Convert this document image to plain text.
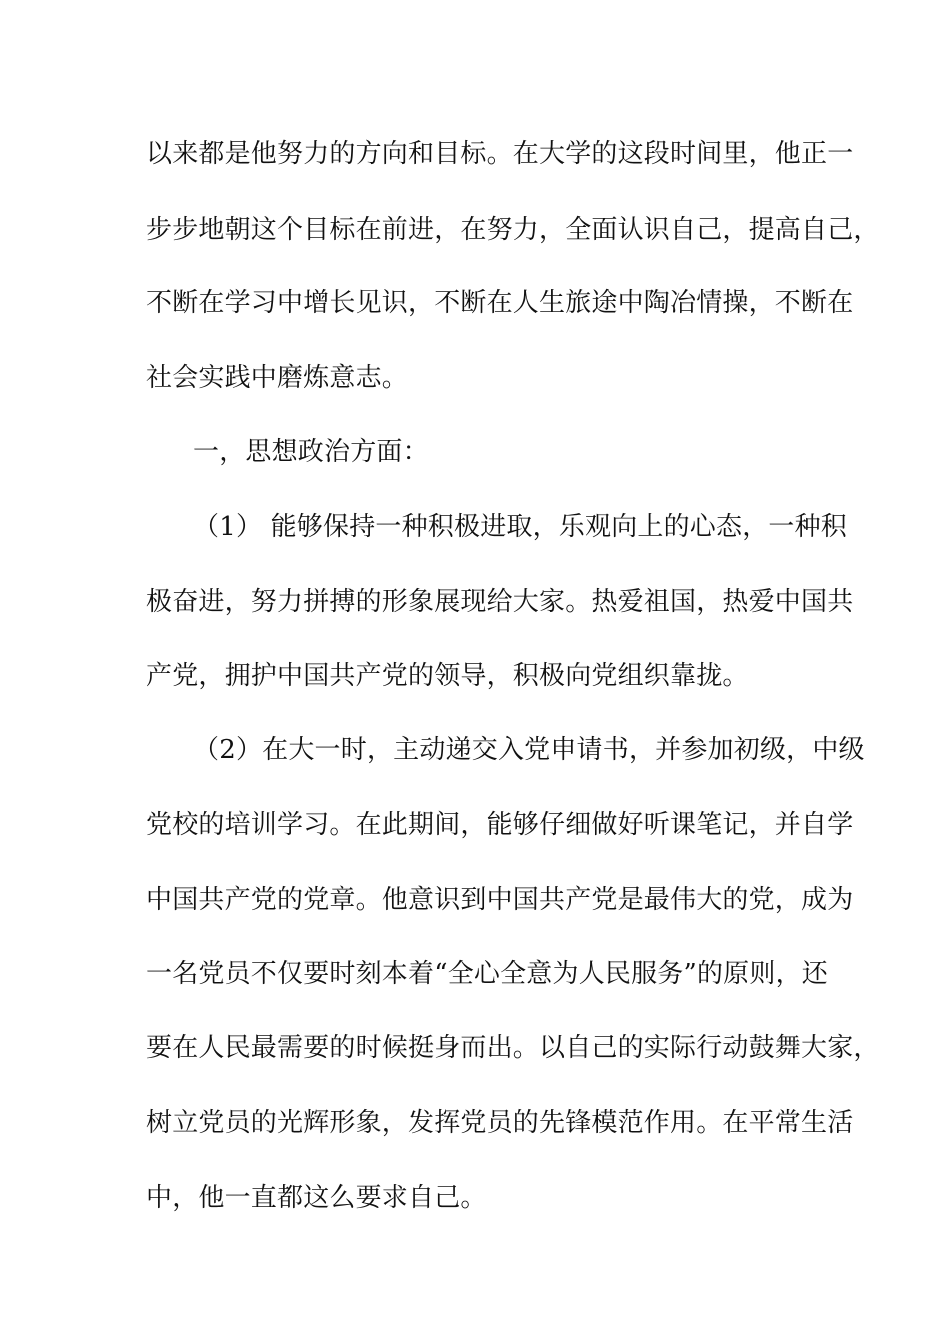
以来都是他努力的方向和目标。在大学的这段时间里，他正一
步步地朝这个目标在前进，在努力，全面认识自己，提高自己，
不断在学习中增长见识，不断在人生旅途中陶冶情操，不断在
社会实践中磨炼意志。
一，思想政治方面：
（1） 能够保持一种积极进取，乐观向上的心态，一种积
极奋进，努力拼搏的形象展现给大家。热爱祖国，热爱中国共
产党，拥护中国共产党的领导，积极向党组织靠拢。
（2）在大一时，主动递交入党申请书，并参加初级，中级
党校的培训学习。在此期间，能够仔细做好听课笔记，并自学
中国共产党的党章。他意识到中国共产党是最伟大的党，成为
一名党员不仅要时刻本着“全心全意为人民服务”的原则，还
要在人民最需要的时候挺身而出。以自己的实际行动鼓舞大家，
树立党员的光辉形象，发挥党员的先锋模范作用。在平常生活
中，他一直都这么要求自己。
